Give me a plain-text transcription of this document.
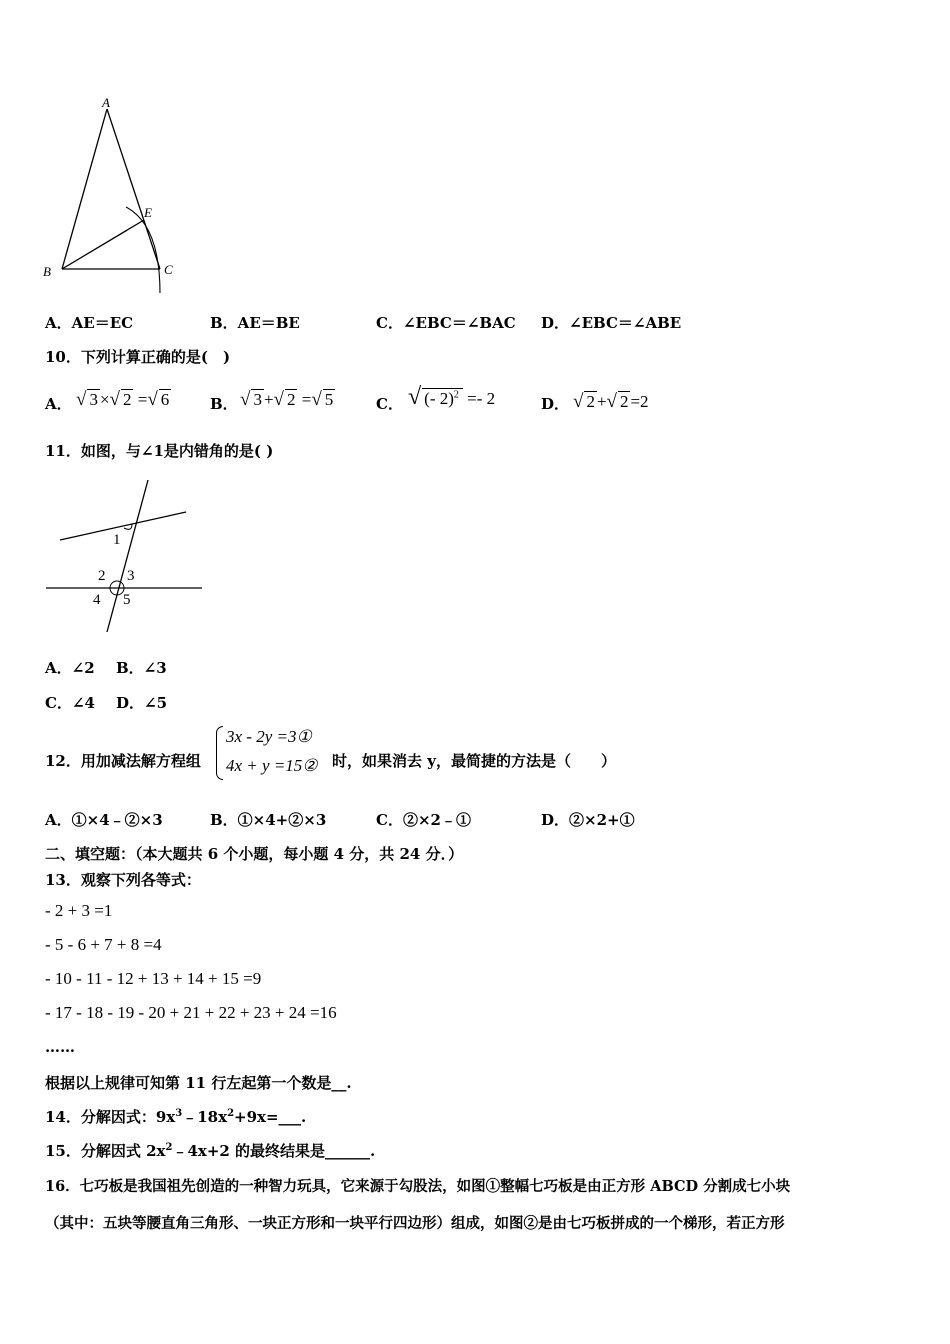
A
E
B	C
A．AE＝EC	B．AE＝BE	C．∠EBC＝∠BAC D．∠EBC＝∠ABE
10．下列计算正确的是(　)
A． √ 3 ×√ 2 =√ 6	B． √ 3 +√ 2 =√ 5	C． √ (- 2)$^2$ =- 2	D． √ 2 +√ 2 =2
11．如图，与∠1是内错角的是( )
1
2 3
4 5
A．∠2 B．∠3
C．∠4 D．∠5
12．用加减法解方程组
3x - 2y =3①
4x + y =15② 时，如果消去 y，最简捷的方法是（　　）
A．①×4﹣②×3	B．①×4+②×3	C．②×2﹣①	D．②×2+①
二、填空题：（本大题共 6 个小题，每小题 4 分，共 24 分．）
13．观察下列各等式：
- 2 + 3 =1
- 5 - 6 + 7 + 8 =4
- 10 - 11 - 12 + 13 + 14 + 15 =9
- 17 - 18 - 19 - 20 + 21 + 22 + 23 + 24 =16
……
根据以上规律可知第 11 行左起第一个数是__.
14．分解因式：$9x^3﹣18x^2+9x=\_\_\_$.
15．分解因式 $2x^2﹣4x+2$ 的最终结果是______.
16．七巧板是我国祖先创造的一种智力玩具，它来源于勾股法，如图①整幅七巧板是由正方形 ABCD 分割成七小块
（其中：五块等腰直角三角形、一块正方形和一块平行四边形）组成，如图②是由七巧板拼成的一个梯形，若正方形
